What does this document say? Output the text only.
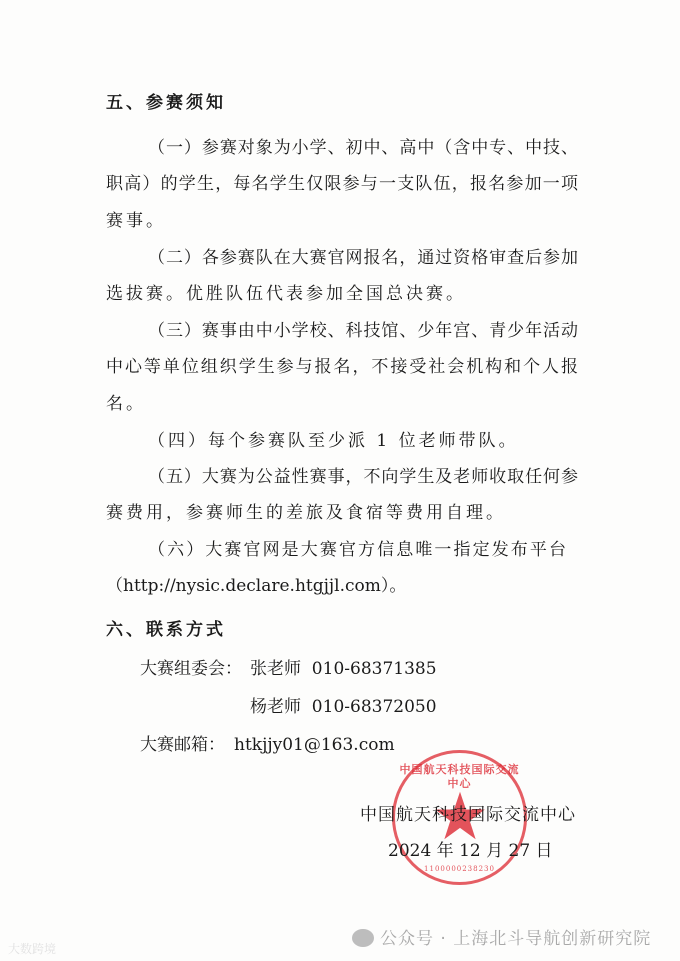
五、参赛须知
（一）参赛对象为小学、初中、高中（含中专、中技、
职高）的学生，每名学生仅限参与一支队伍，报名参加一项
赛事。
（二）各参赛队在大赛官网报名，通过资格审查后参加
选拔赛。优胜队伍代表参加全国总决赛。
（三）赛事由中小学校、科技馆、少年宫、青少年活动
中心等单位组织学生参与报名，不接受社会机构和个人报
名。
（四）每个参赛队至少派 1 位老师带队。
（五）大赛为公益性赛事，不向学生及老师收取任何参
赛费用，参赛师生的差旅及食宿等费用自理。
（六）大赛官网是大赛官方信息唯一指定发布平台
（http://nysic.declare.htgjjl.com）。
六、联系方式
大赛组委会： 张老师  010-68371385
杨老师  010-68372050
大赛邮箱： htkjjy01@163.com
中国航天科技国际交流中心
1100000238230
中国航天科技国际交流中心
2024 年 12 月 27 日
公众号 · 上海北斗导航创新研究院
大数跨境
